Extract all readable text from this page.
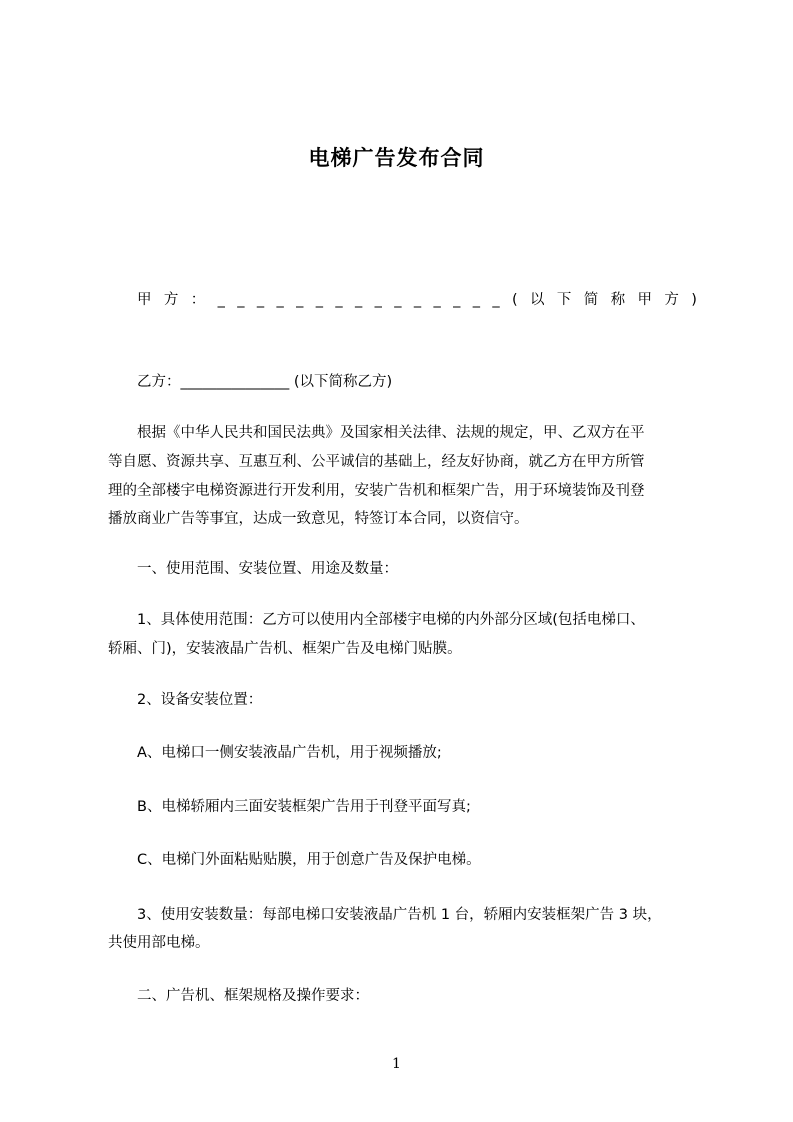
电梯广告发布合同
甲 方 ： _ _ _ _ _ _ _ _ _ _ _ _ _ _ _ ( 以 下 简 称 甲 方 )
乙方：_______________ (以下简称乙方)
根据《中华人民共和国民法典》及国家相关法律、法规的规定，甲、乙双方在平
等自愿、资源共享、互惠互利、公平诚信的基础上，经友好协商，就乙方在甲方所管
理的全部楼宇电梯资源进行开发利用，安装广告机和框架广告，用于环境装饰及刊登
播放商业广告等事宜，达成一致意见，特签订本合同，以资信守。
一、使用范围、安装位置、用途及数量：
1、具体使用范围：乙方可以使用内全部楼宇电梯的内外部分区域(包括电梯口、
轿厢、门)，安装液晶广告机、框架广告及电梯门贴膜。
2、设备安装位置：
A、电梯口一侧安装液晶广告机，用于视频播放;
B、电梯轿厢内三面安装框架广告用于刊登平面写真;
C、电梯门外面粘贴贴膜，用于创意广告及保护电梯。
3、使用安装数量：每部电梯口安装液晶广告机 1 台，轿厢内安装框架广告 3 块，
共使用部电梯。
二、广告机、框架规格及操作要求：
1
